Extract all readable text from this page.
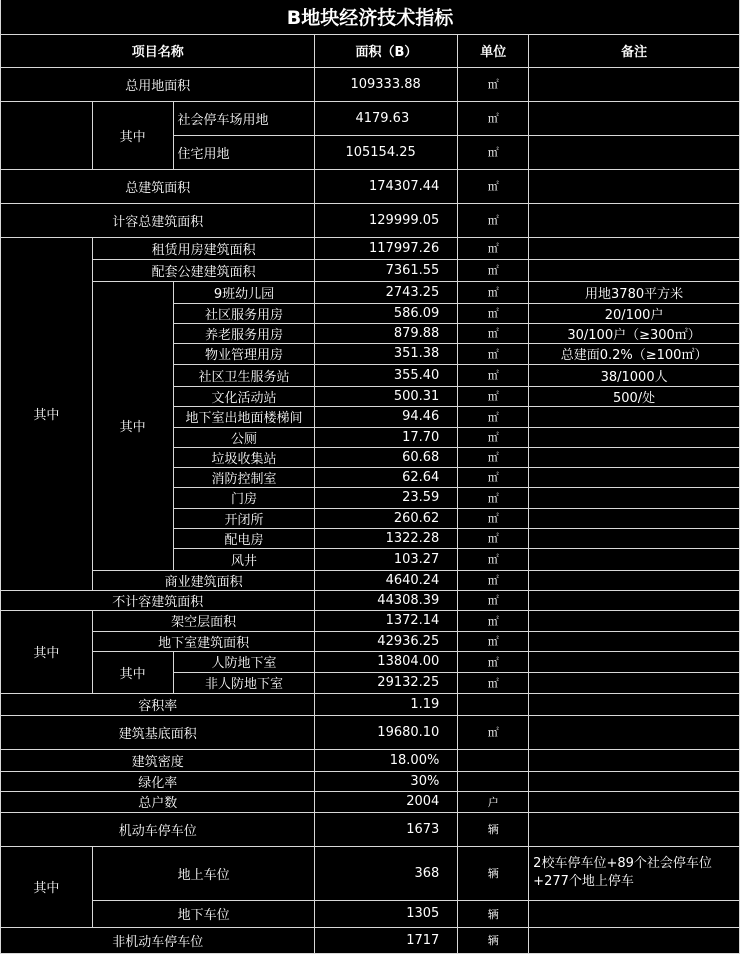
B地块经济技术指标					
项目名称			面积（B）	单位	备注
总用地面积			109333.88	㎡	
	其中	社会停车场用地	4179.63	㎡	
		住宅用地	105154.25	㎡	
总建筑面积			174307.44	㎡	
计容总建筑面积			129999.05	㎡	
其中	租赁用房建筑面积		117997.26	㎡	
	配套公建建筑面积		7361.55	㎡	
	其中	9班幼儿园	2743.25	㎡	用地3780平方米
		社区服务用房	586.09	㎡	20/100户
		养老服务用房	879.88	㎡	30/100户（≥300㎡）
		物业管理用房	351.38	㎡	总建面0.2%（≥100㎡）
		社区卫生服务站	355.40	㎡	38/1000人
		文化活动站	500.31	㎡	500/处
		地下室出地面楼梯间	94.46	㎡	
		公厕	17.70	㎡	
		垃圾收集站	60.68	㎡	
		消防控制室	62.64	㎡	
		门房	23.59	㎡	
		开闭所	260.62	㎡	
		配电房	1322.28	㎡	
		风井	103.27	㎡	
	商业建筑面积		4640.24	㎡	
不计容建筑面积			44308.39	㎡	
其中	架空层面积		1372.14	㎡	
	地下室建筑面积		42936.25	㎡	
	其中	人防地下室	13804.00	㎡	
		非人防地下室	29132.25	㎡	
容积率			1.19		
建筑基底面积			19680.10	㎡	
建筑密度			18.00%		
绿化率			30%		
总户数			2004	户	
机动车停车位			1673	辆	
其中	地上车位		368	辆	2校车停车位+89个社会停车位+277个地上停车
	地下车位		1305	辆	
非机动车停车位			1717	辆	
